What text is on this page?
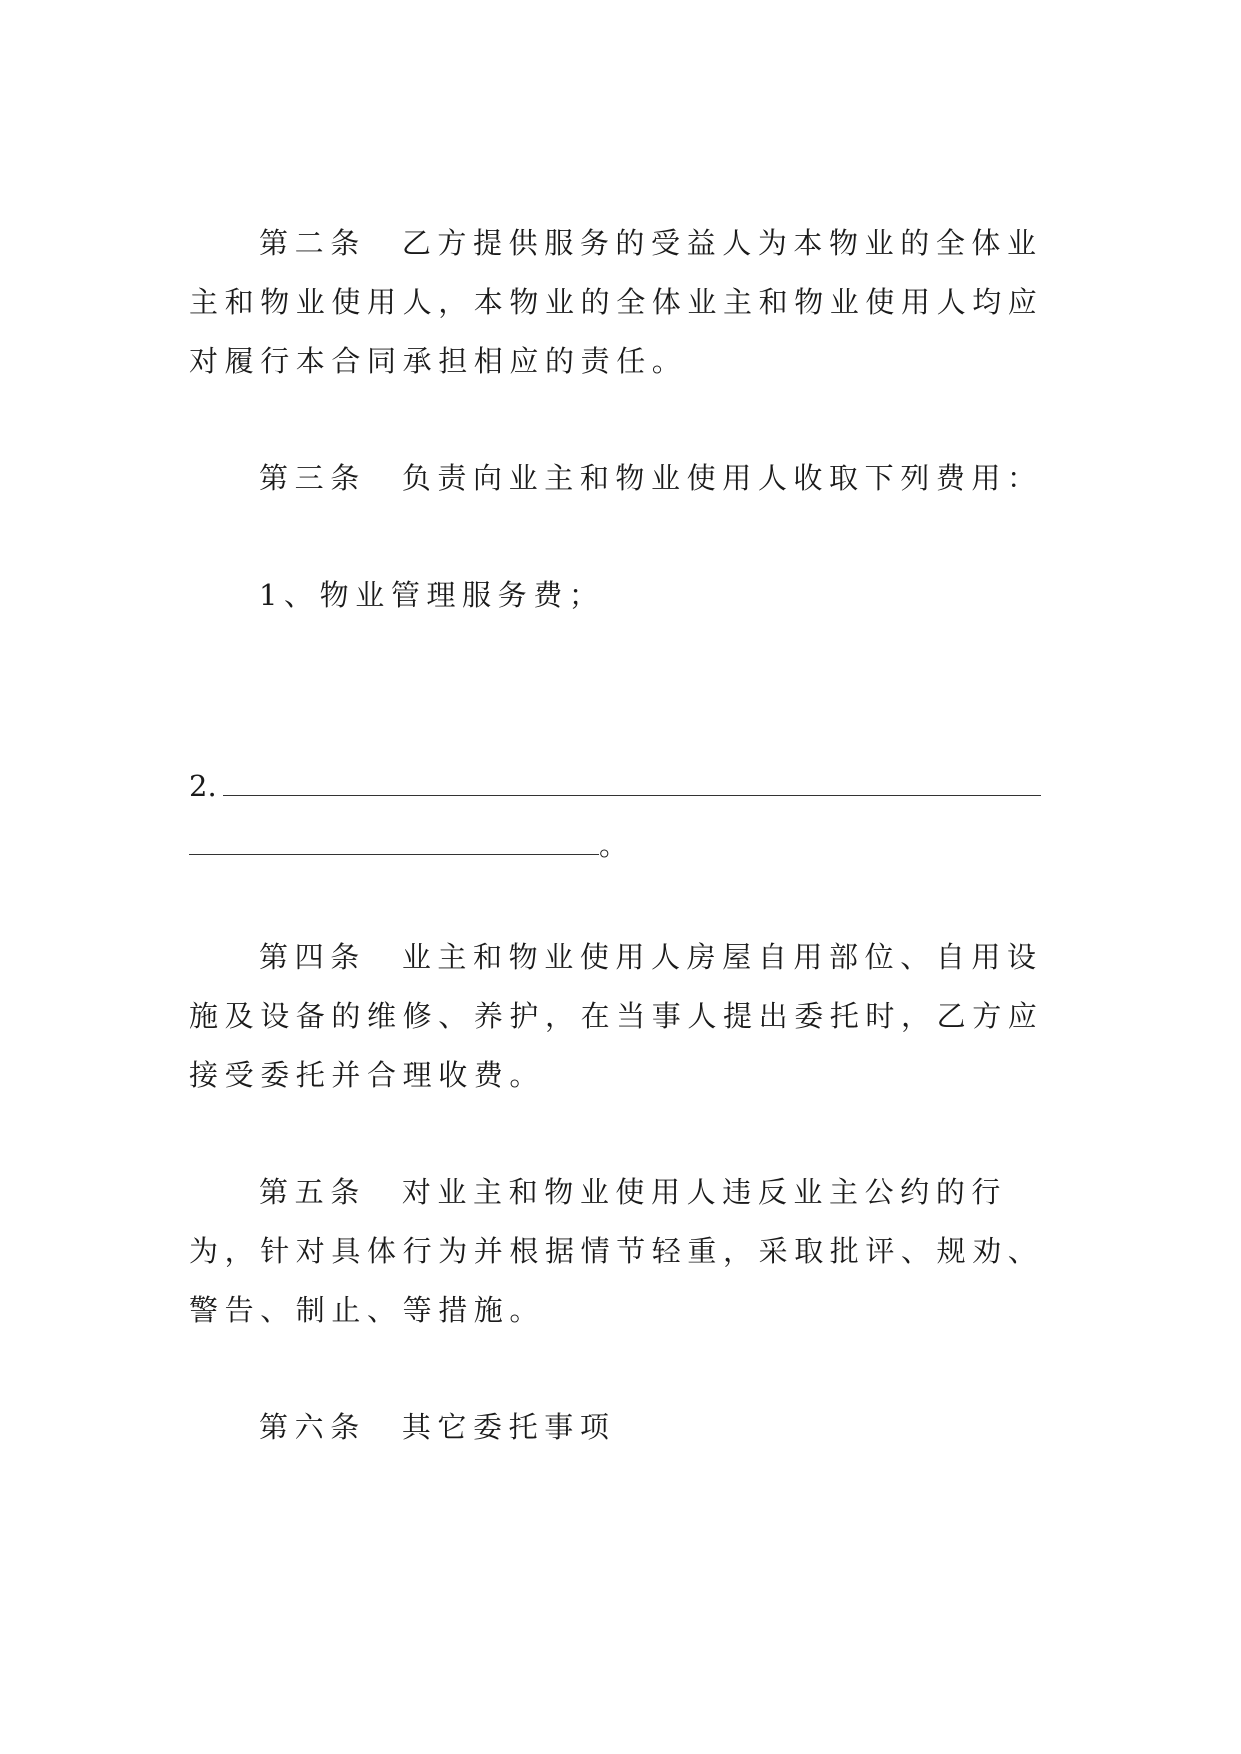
第二条 乙方提供服务的受益人为本物业的全体业主和物业使用人，本物业的全体业主和物业使用人均应对履行本合同承担相应的责任。

第三条 负责向业主和物业使用人收取下列费用：

1、物业管理服务费；

2.

。

第四条 业主和物业使用人房屋自用部位、自用设施及设备的维修、养护，在当事人提出委托时，乙方应接受委托并合理收费。

第五条 对业主和物业使用人违反业主公约的行为，针对具体行为并根据情节轻重，采取批评、规劝、警告、制止、等措施。

第六条 其它委托事项
